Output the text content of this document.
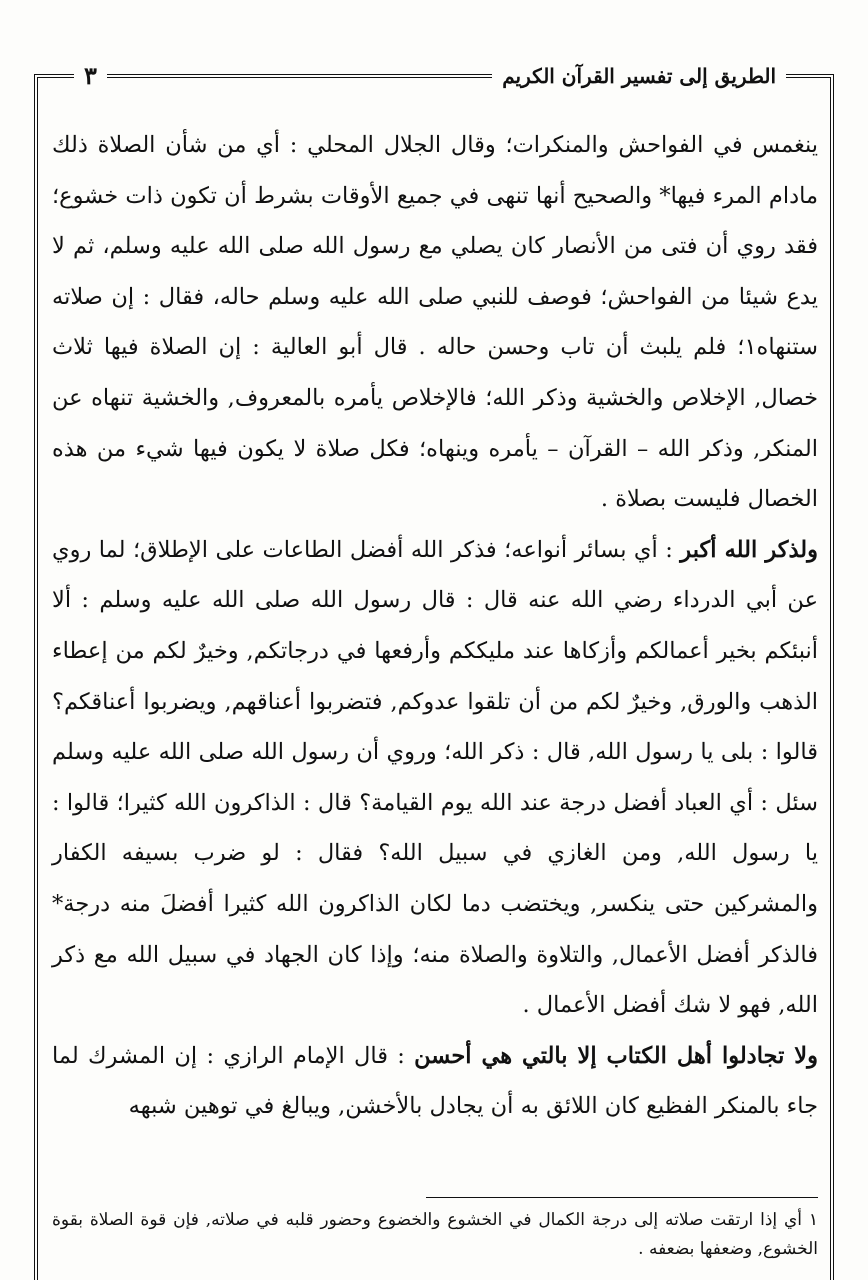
الطريق إلى تفسير القرآن الكريم
٣

ينغمس في الفواحش والمنكرات؛ وقال الجلال المحلي : أي من شأن الصلاة ذلك مادام المرء فيها* والصحيح أنها تنهى في جميع الأوقات بشرط أن تكون ذات خشوع؛ فقد روي أن فتى من الأنصار كان يصلي مع رسول الله صلى الله عليه وسلم، ثم لا يدع شيئا من الفواحش؛ فوصف للنبي صلى الله عليه وسلم حاله، فقال : إن صلاته ستنهاه١؛ فلم يلبث أن تاب وحسن حاله . قال أبو العالية : إن الصلاة فيها ثلاث خصال, الإخلاص والخشية وذكر الله؛ فالإخلاص يأمره بالمعروف, والخشية تنهاه عن المنكر, وذكر الله – القرآن – يأمره وينهاه؛ فكل صلاة لا يكون فيها شيء من هذه الخصال فليست بصلاة .

ولذكر الله أكبر : أي بسائر أنواعه؛ فذكر الله أفضل الطاعات على الإطلاق؛ لما روي عن أبي الدرداء رضي الله عنه قال : قال رسول الله صلى الله عليه وسلم : ألا أنبئكم بخير أعمالكم وأزكاها عند مليككم وأرفعها في درجاتكم, وخيرٌ لكم من إعطاء الذهب والورق, وخيرٌ لكم من أن تلقوا عدوكم, فتضربوا أعناقهم, ويضربوا أعناقكم؟ قالوا : بلى يا رسول الله, قال : ذكر الله؛ وروي أن رسول الله صلى الله عليه وسلم سئل : أي العباد أفضل درجة عند الله يوم القيامة؟ قال : الذاكرون الله كثيرا؛ قالوا : يا رسول الله, ومن الغازي في سبيل الله؟ فقال : لو ضرب بسيفه الكفار والمشركين حتى ينكسر, ويختضب دما لكان الذاكرون الله كثيرا أفضلَ منه درجة* فالذكر أفضل الأعمال, والتلاوة والصلاة منه؛ وإذا كان الجهاد في سبيل الله مع ذكر الله, فهو لا شك أفضل الأعمال .

ولا تجادلوا أهل الكتاب إلا بالتي هي أحسن : قال الإمام الرازي : إن المشرك لما جاء بالمنكر الفظيع كان اللائق به أن يجادل بالأخشن, ويبالغ في توهين شبهه

١ أي إذا ارتقت صلاته إلى درجة الكمال في الخشوع والخضوع وحضور قلبه في صلاته, فإن قوة الصلاة بقوة الخشوع, وضعفها بضعفه .
